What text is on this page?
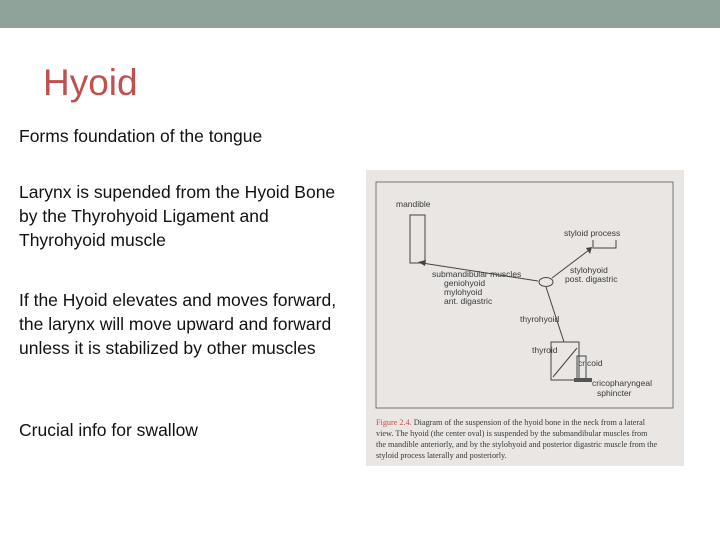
Hyoid
Forms foundation of the tongue
Larynx is supended from the Hyoid Bone by the Thyrohyoid Ligament and Thyrohyoid muscle
If the Hyoid elevates and moves forward, the larynx will move upward and forward unless it is stabilized by other muscles
Crucial info for swallow
mandible
styloid process
submandibular muscles
geniohyoid
mylohyoid
ant. digastric
stylohyoid
post. digastric
thyrohyoid
thyroid
cricoid
cricopharyngeal
sphincter
Figure 2.4. Diagram of the suspension of the hyoid bone in the neck from a lateral
view. The hyoid (the center oval) is suspended by the submandibular muscles from
the mandible anteriorly, and by the stylohyoid and posterior digastric muscle from the
styloid process laterally and posteriorly.
